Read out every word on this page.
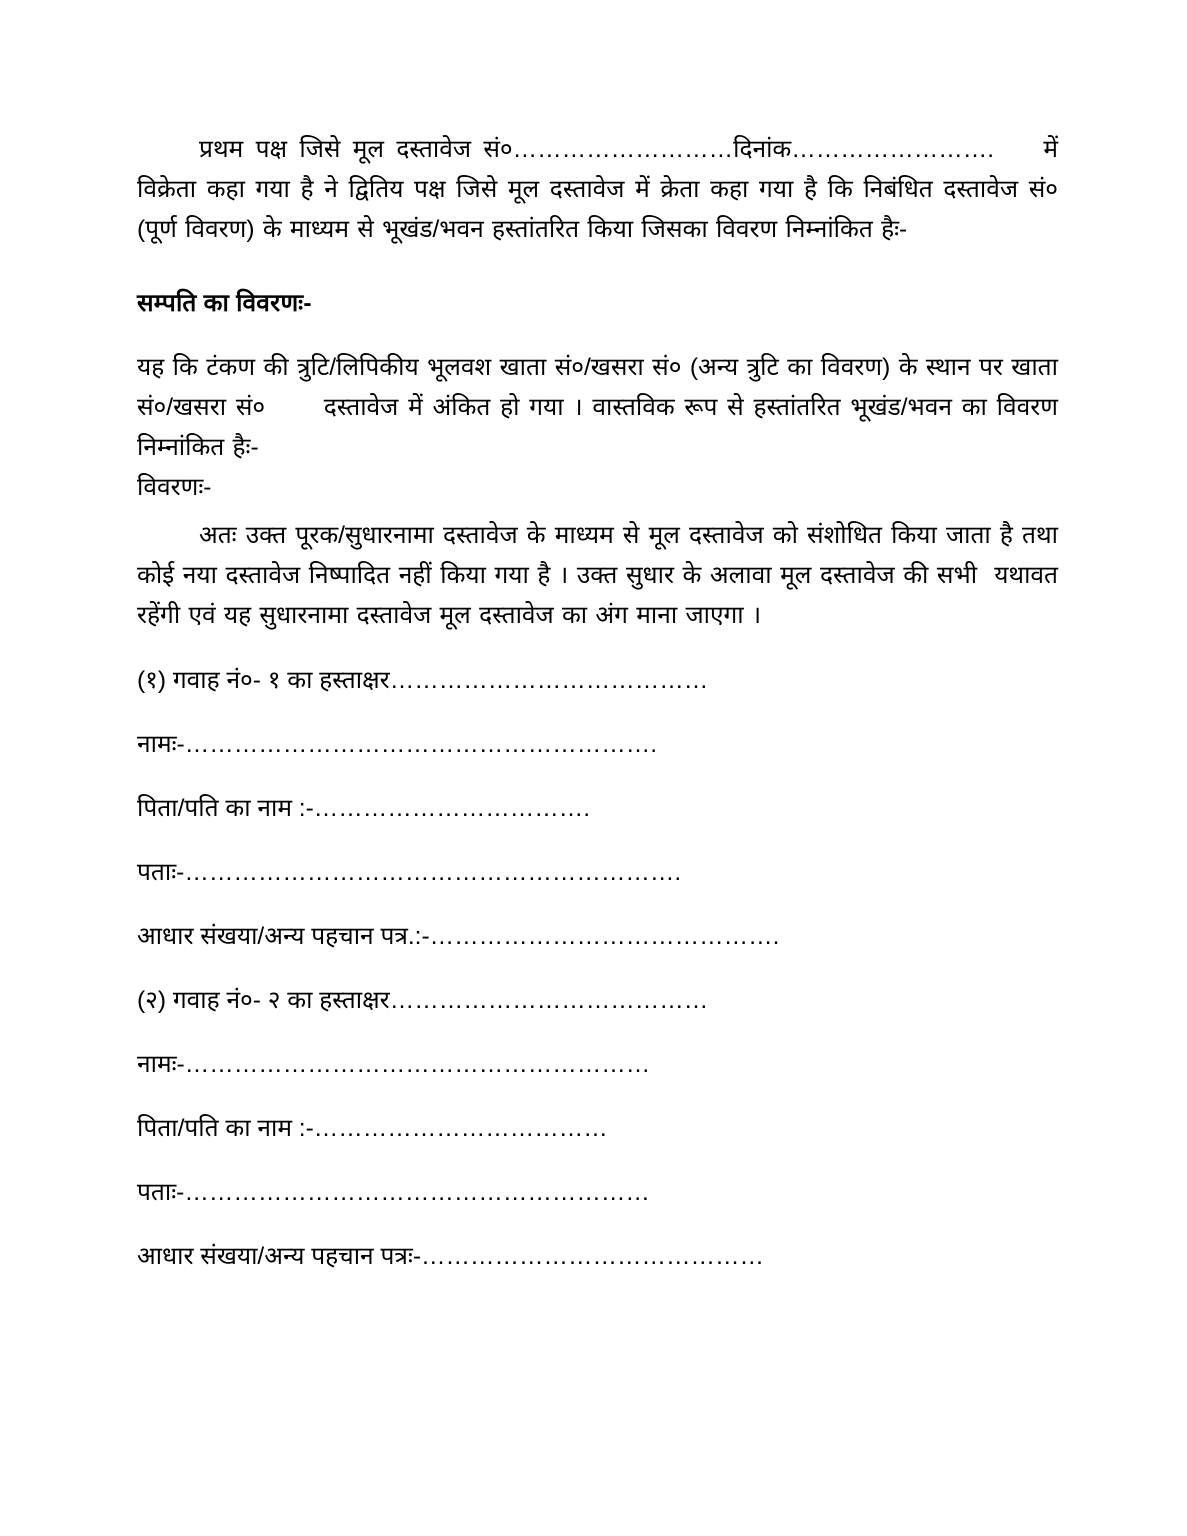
प्रथम पक्ष जिसे मूल दस्तावेज सं०………………………दिनांक…………………….    में विक्रेता कहा गया है ने द्वितिय पक्ष जिसे मूल दस्तावेज में क्रेता कहा गया है कि निबंधित दस्तावेज सं० (पूर्ण विवरण) के माध्यम से भूखंड/भवन हस्तांतरित किया जिसका विवरण निम्नांकित हैः-

सम्पति का विवरणः-

यह कि टंकण की त्रुटि/लिपिकीय भूलवश खाता सं०/खसरा सं० (अन्य त्रुटि का विवरण) के स्थान पर खाता सं०/खसरा सं०      दस्तावेज में अंकित हो गया । वास्तविक रूप से हस्तांतरित भूखंड/भवन का विवरण निम्नांकित हैः-

विवरणः-

अतः उक्त पूरक/सुधारनामा दस्तावेज के माध्यम से मूल दस्तावेज को संशोधित किया जाता है तथा कोई नया दस्तावेज निष्पादित नहीं किया गया है । उक्त सुधार के अलावा मूल दस्तावेज की सभी  यथावत रहेंगी एवं यह सुधारनामा दस्तावेज मूल दस्तावेज का अंग माना जाएगा ।

(१) गवाह नं०- १ का हस्ताक्षर…………………………………

नामः-………………………………………………….

पिता/पति का नाम :-…………………………….

पताः-…………………………………………………….

आधार संखया/अन्य पहचान पत्र.:-…………………………………….

(२) गवाह नं०- २ का हस्ताक्षर…………………………………

नामः-…………………………………………………

पिता/पति का नाम :-………………………………

पताः-…………………………………………………

आधार संखया/अन्य पहचान पत्रः-……………………………………
